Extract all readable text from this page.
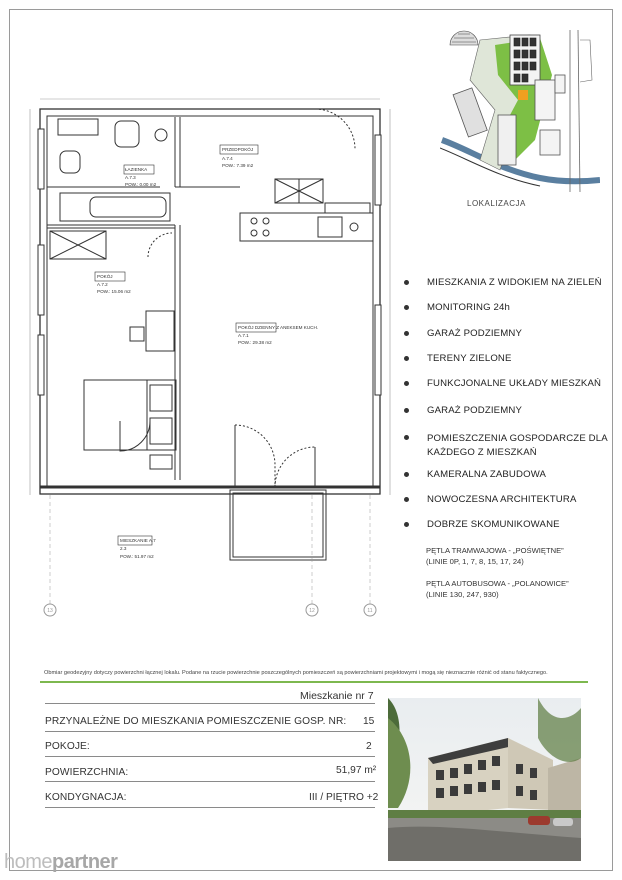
LOKALIZACJA
PRZEDPOKÓJ
A.7.4
POW.: 7.39 m2
ŁAZIENKA
A.7.3
POW.: 0.00 m2
POKÓJ
A.7.2
POW.: 15.06 m2
POKÓJ DZIENNY Z ANEKSEM KUCH.
A.7.1
POW.: 29.38 m2
MIESZKANIE A.7
2.3
POW.: 51.97 m2
13	12	11
MIESZKANIA Z WIDOKIEM NA ZIELEŃ
MONITORING 24h
GARAŻ PODZIEMNY
TERENY ZIELONE
FUNKCJONALNE UKŁADY MIESZKAŃ
GARAŻ PODZIEMNY
POMIESZCZENIA GOSPODARCZE DLA KAŻDEGO Z MIESZKAŃ
KAMERALNA ZABUDOWA
NOWOCZESNA ARCHITEKTURA
DOBRZE SKOMUNIKOWANE
PĘTLA TRAMWAJOWA - „POŚWIĘTNE”
(LINIE 0P, 1, 7, 8, 15, 17, 24)
PĘTLA AUTOBUSOWA - „POLANOWICE”
(LINIE 130, 247, 930)
Obmiar geodezyjny dotyczy powierzchni łącznej lokalu. Podane na rzucie powierzchnie poszczególnych pomieszczeń są powierzchniami projektowymi i mogą się nieznacznie różnić od stanu faktycznego.
Mieszkanie nr 7
PRZYNALEŻNE DO MIESZKANIA POMIESZCZENIE GOSP. NR: 15
POKOJE:	2
POWIERZCHNIA:	51,97 m²
KONDYGNACJA:	III / PIĘTRO +2
homepartner
